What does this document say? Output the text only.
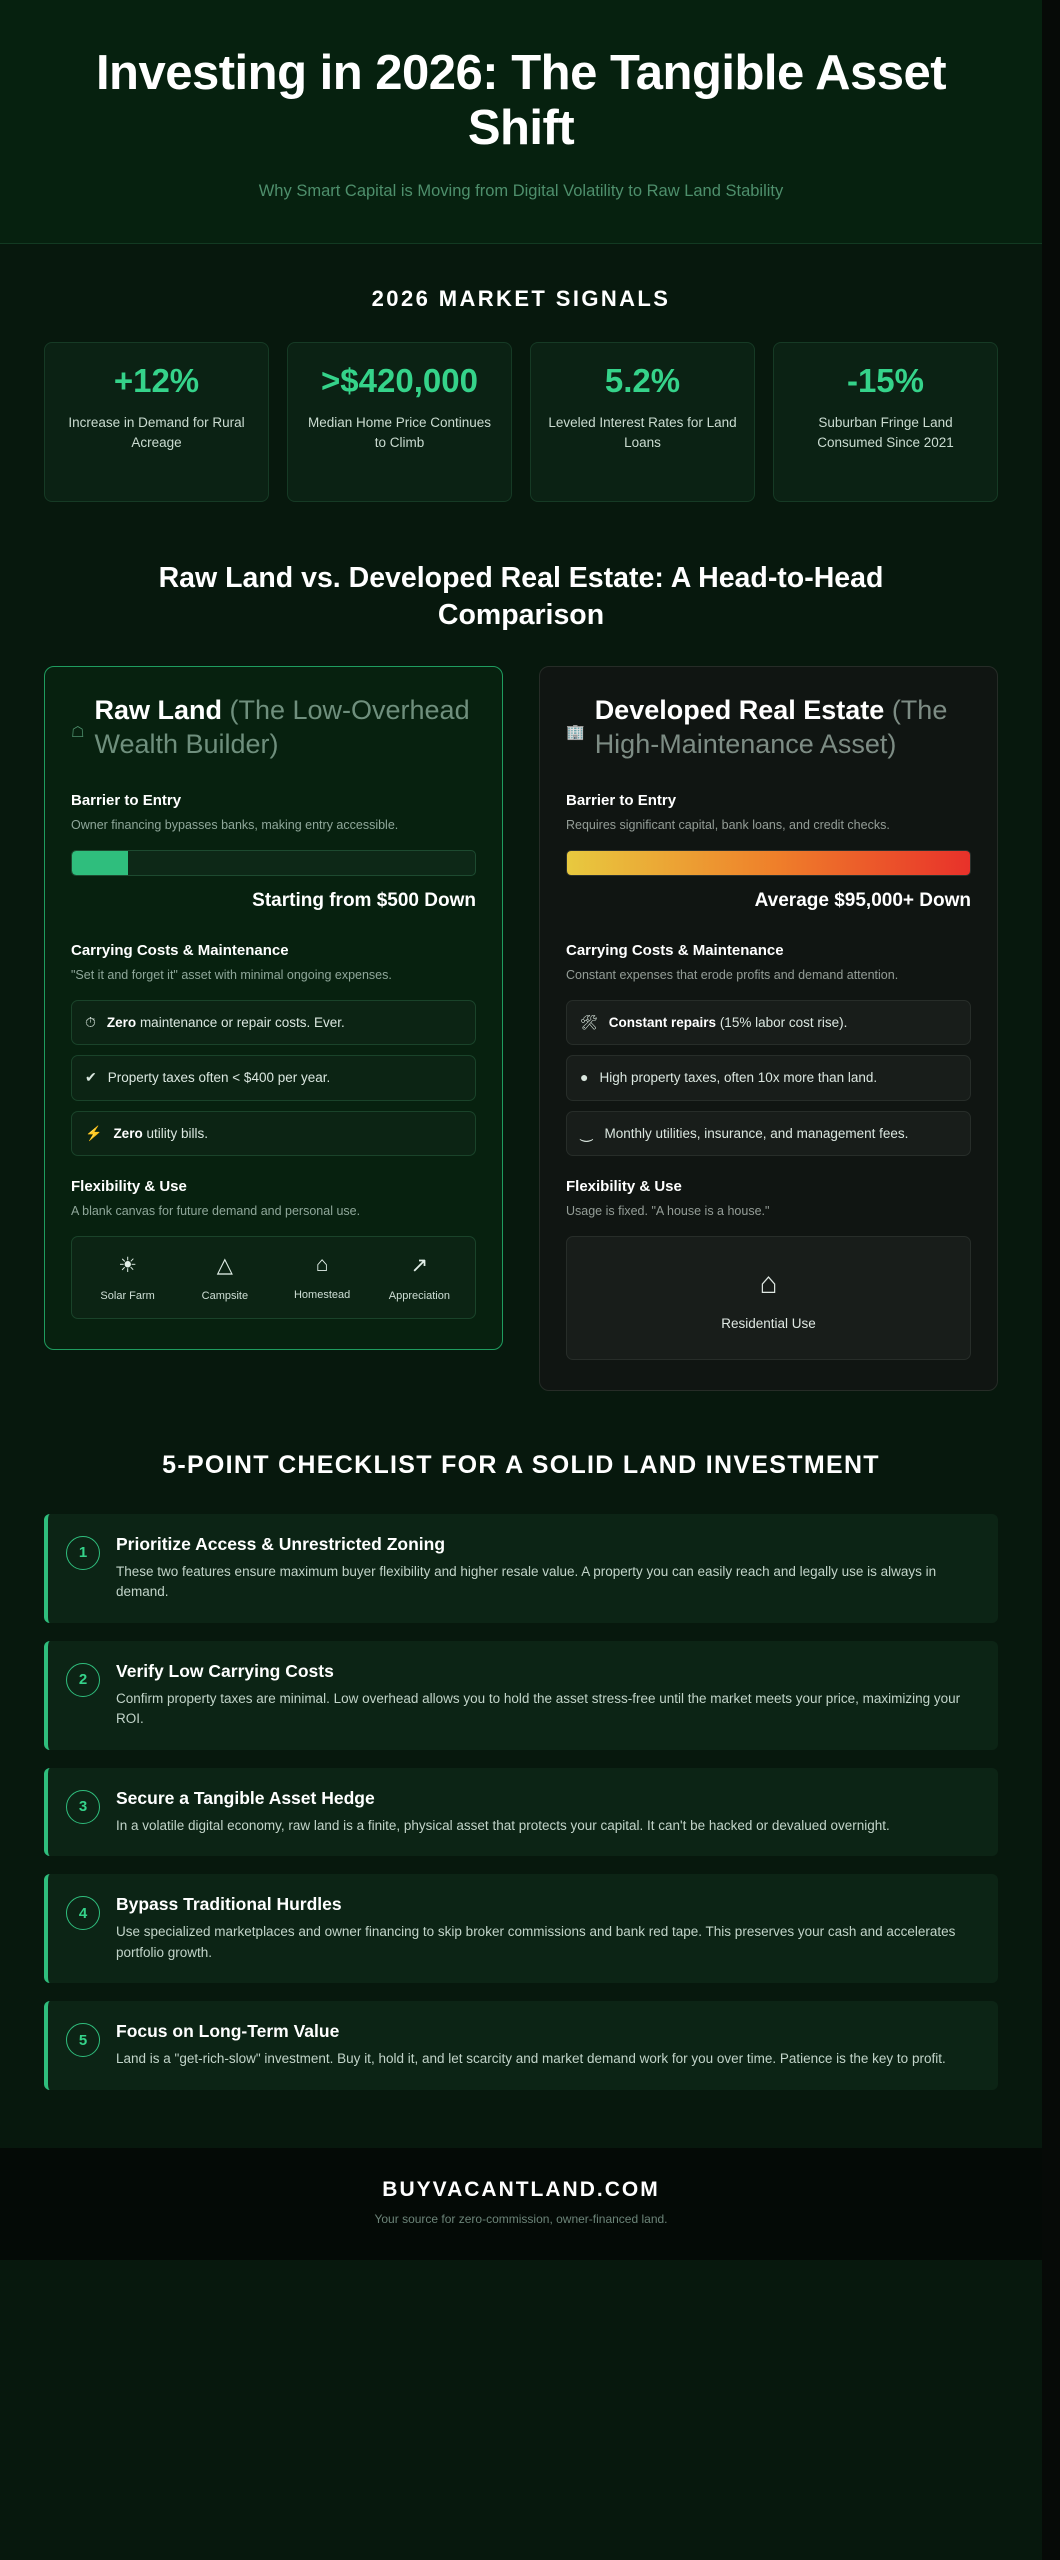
Investing in 2026: The Tangible Asset Shift

Why Smart Capital is Moving from Digital Volatility to Raw Land Stability

2026 MARKET SIGNALS
+12%
Increase in Demand for Rural Acreage
>$420,000
Median Home Price Continues to Climb
5.2%
Leveled Interest Rates for Land Loans
-15%
Suburban Fringe Land Consumed Since 2021
Raw Land vs. Developed Real Estate: A Head-to-Head Comparison
☖
Raw Land (The Low-Overhead Wealth Builder)
Barrier to Entry
Owner financing bypasses banks, making entry accessible.
Starting from $500 Down
Carrying Costs & Maintenance
"Set it and forget it" asset with minimal ongoing expenses.
⏱ Zero maintenance or repair costs. Ever.
✔ Property taxes often < $400 per year.
⚡ Zero utility bills.
Flexibility & Use
A blank canvas for future demand and personal use.
☀
Solar Farm
△
Campsite
⌂
Homestead
↗
Appreciation
🏢
Developed Real Estate (The High-Maintenance Asset)
Barrier to Entry
Requires significant capital, bank loans, and credit checks.
Average $95,000+ Down
Carrying Costs & Maintenance
Constant expenses that erode profits and demand attention.
🛠 Constant repairs (15% labor cost rise).
● High property taxes, often 10x more than land.
⏝ Monthly utilities, insurance, and management fees.
Flexibility & Use
Usage is fixed. "A house is a house."
⌂
Residential Use
5-POINT CHECKLIST FOR A SOLID LAND INVESTMENT
1	Prioritize Access & Unrestricted Zoning

These two features ensure maximum buyer flexibility and higher resale value. A property you can easily reach and legally use is always in demand.

2	Verify Low Carrying Costs

Confirm property taxes are minimal. Low overhead allows you to hold the asset stress-free until the market meets your price, maximizing your ROI.

3	Secure a Tangible Asset Hedge

In a volatile digital economy, raw land is a finite, physical asset that protects your capital. It can't be hacked or devalued overnight.

4	Bypass Traditional Hurdles

Use specialized marketplaces and owner financing to skip broker commissions and bank red tape. This preserves your cash and accelerates portfolio growth.

5	Focus on Long-Term Value

Land is a "get-rich-slow" investment. Buy it, hold it, and let scarcity and market demand work for you over time. Patience is the key to profit.

BUYVACANTLAND.COM
Your source for zero-commission, owner-financed land.
